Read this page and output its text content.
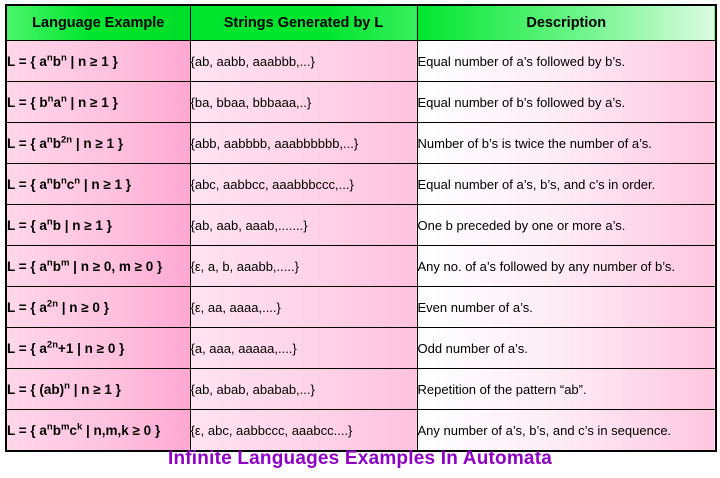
Language Example	Strings Generated by L	Description
L = { $a^nb^n$ | n ≥ 1 }	{ab, aabb, aaabbb,...}	Equal number of a’s followed by b’s.
L = { $b^na^n$ | n ≥ 1 }	{ba, bbaa, bbbaaa,..}	Equal number of b’s followed by a’s.
L = { $a^nb^{2n}$ | n ≥ 1 }	{abb, aabbbb, aaabbbbbb,...}	Number of b’s is twice the number of a’s.
L = { $a^nb^nc^n$ | n ≥ 1 }	{abc, aabbcc, aaabbbccc,...}	Equal number of a’s, b’s, and c’s in order.
L = { $a^nb$ | n ≥ 1 }	{ab, aab, aaab,.......}	One b preceded by one or more a’s.
L = { $a^nb^m$ | n ≥ 0, m ≥ 0 }	{ε, a, b, aaabb,.....}	Any no. of a’s followed by any number of b’s.
L = { $a^{2n}$ | n ≥ 0 }	{ε, aa, aaaa,....}	Even number of a’s.
L = { $a^{2n}+1$ | n ≥ 0 }	{a, aaa, aaaaa,....}	Odd number of a’s.
L = { (ab)$^n$ | n ≥ 1 }	{ab, abab, ababab,...}	Repetition of the pattern “ab”.
L = { $a^nb^mc^k$ | n,m,k ≥ 0 }	{ε, abc, aabbccc, aaabcc....}	Any number of a’s, b’s, and c’s in sequence.
Infinite Languages Examples In Automata
